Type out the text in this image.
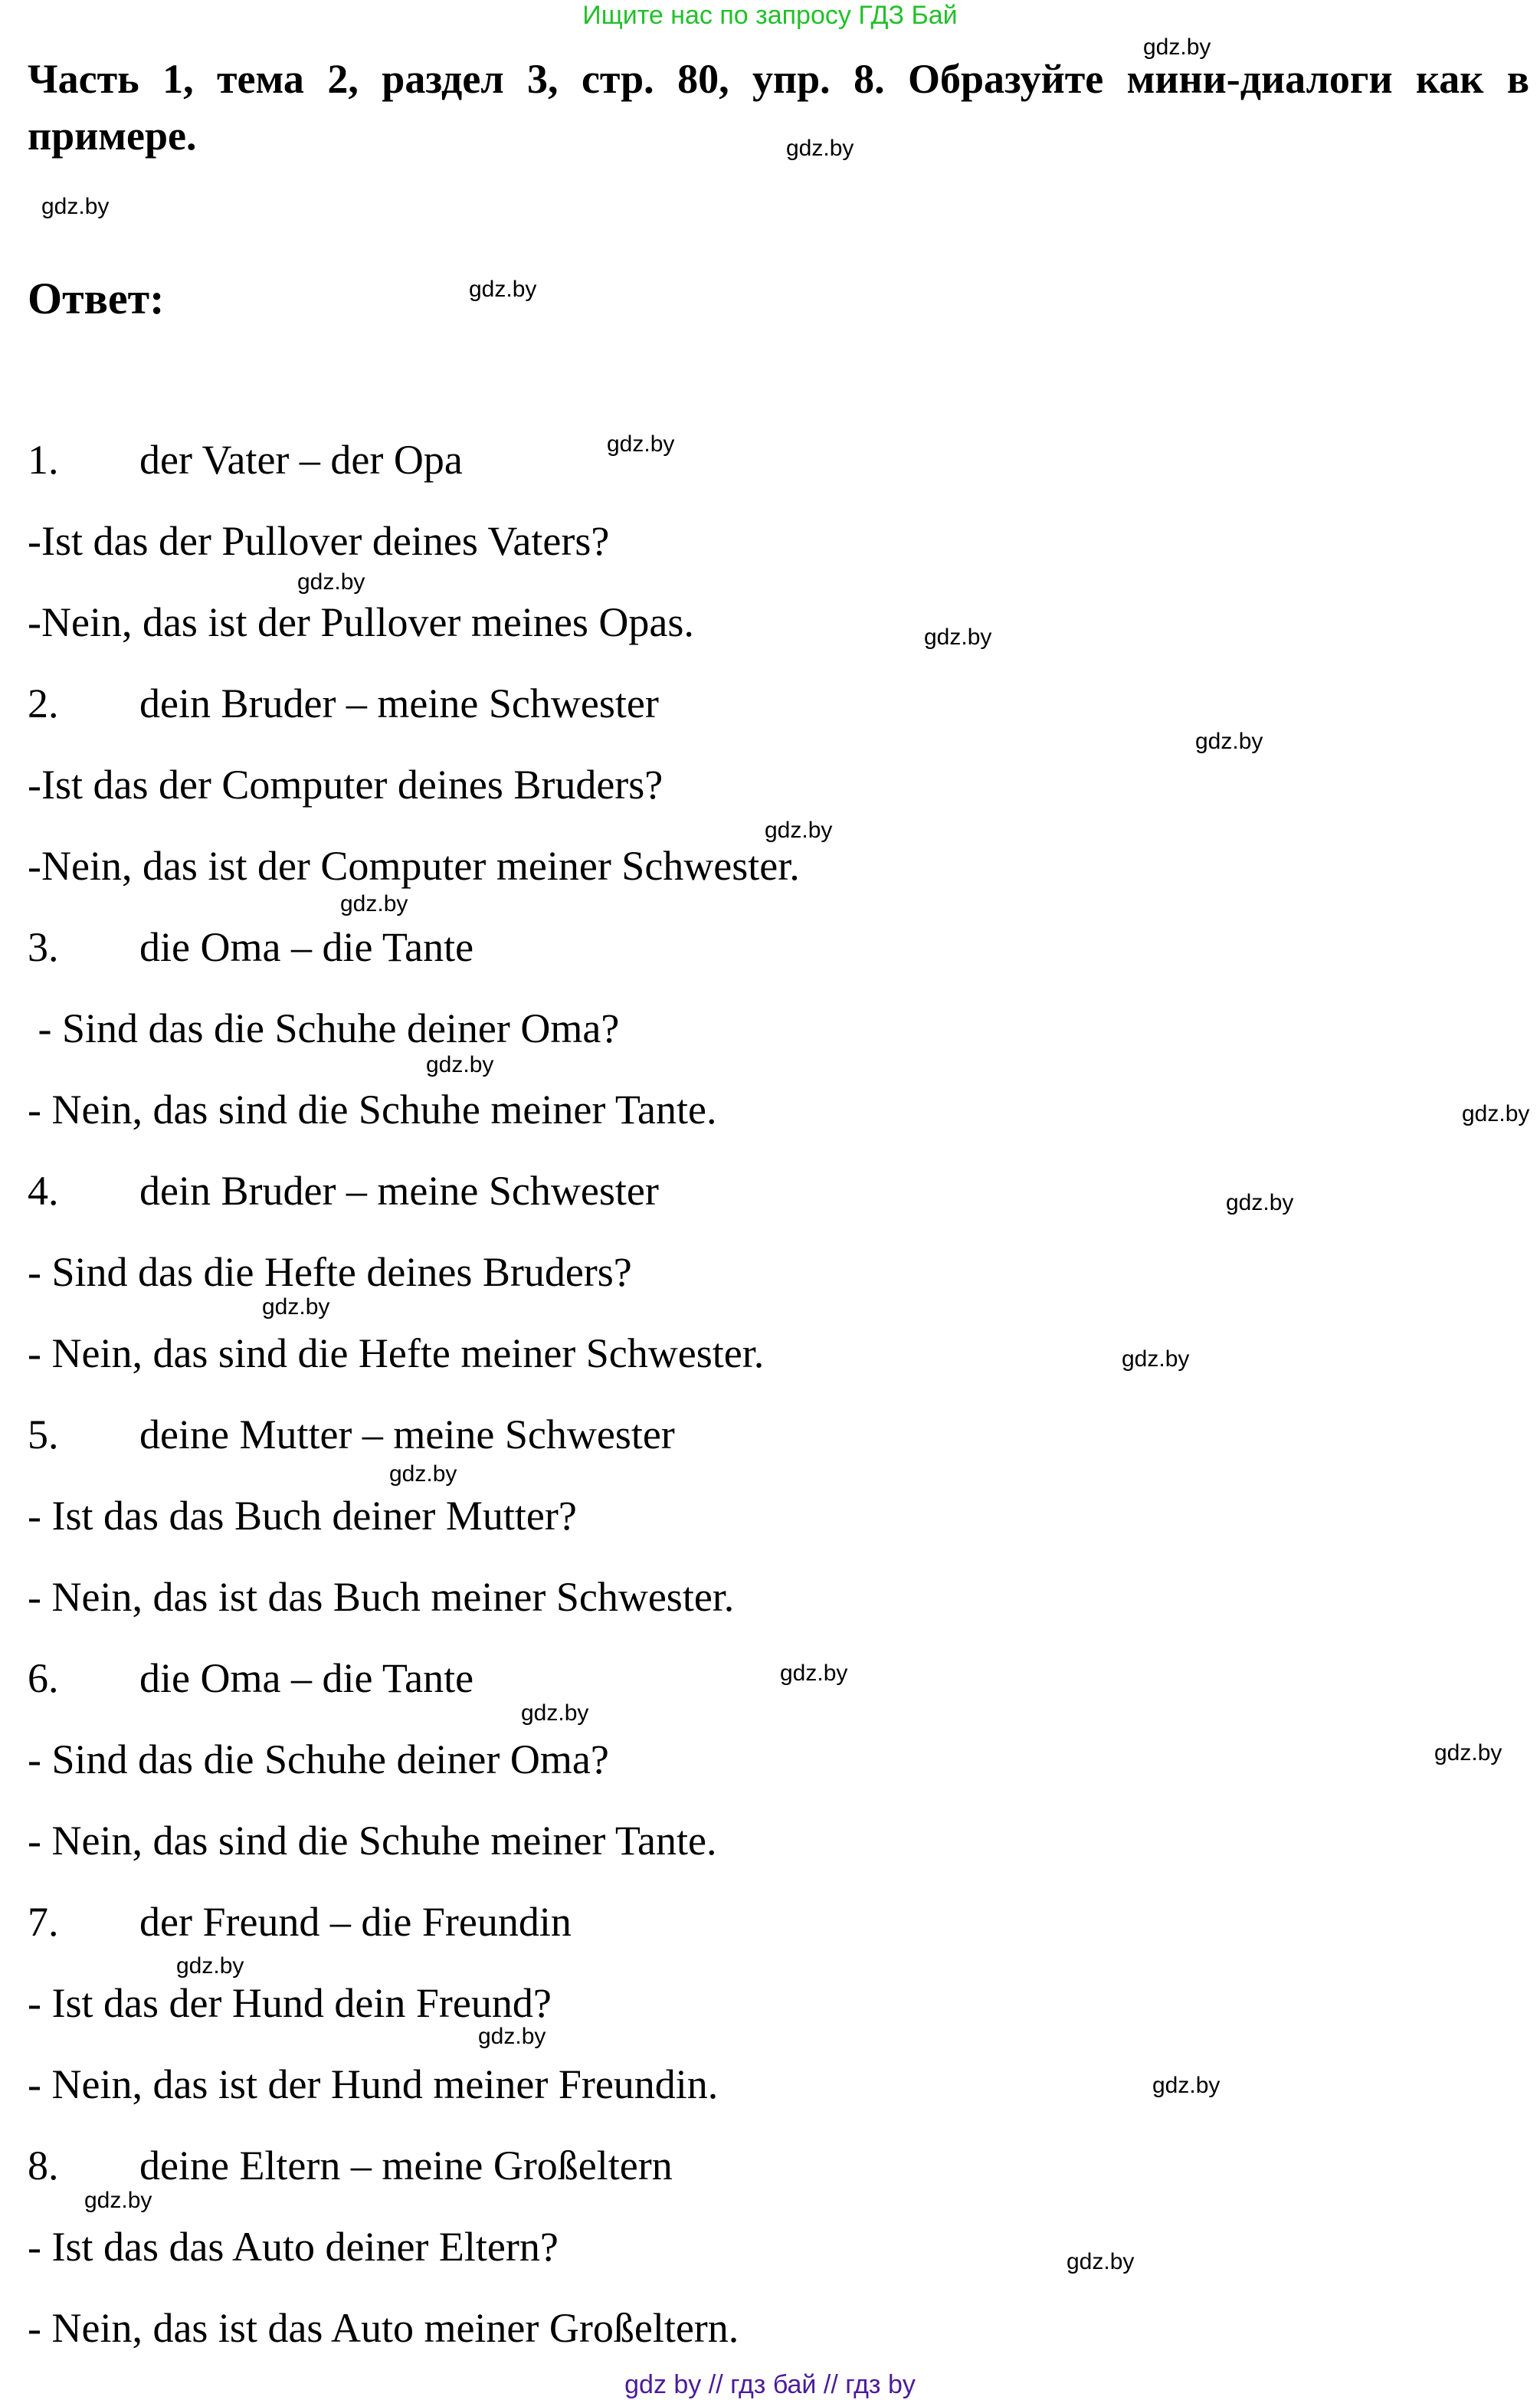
Ищите нас по запросу ГДЗ Бай
Часть 1, тема 2, раздел 3, стр. 80, упр. 8. Образуйте мини-диалоги как в примере.
Ответ:
1. der Vater – der Opa
-Ist das der Pullover deines Vaters?
-Nein, das ist der Pullover meines Opas.
2. dein Bruder – meine Schwester
-Ist das der Computer deines Bruders?
-Nein, das ist der Computer meiner Schwester.
3. die Oma – die Tante
- Sind das die Schuhe deiner Oma?
- Nein, das sind die Schuhe meiner Tante.
4. dein Bruder – meine Schwester
- Sind das die Hefte deines Bruders?
- Nein, das sind die Hefte meiner Schwester.
5. deine Mutter – meine Schwester
- Ist das das Buch deiner Mutter?
- Nein, das ist das Buch meiner Schwester.
6. die Oma – die Tante
- Sind das die Schuhe deiner Oma?
- Nein, das sind die Schuhe meiner Tante.
7. der Freund – die Freundin
- Ist das der Hund dein Freund?
- Nein, das ist der Hund meiner Freundin.
8. deine Eltern – meine Großeltern
- Ist das das Auto deiner Eltern?
- Nein, das ist das Auto meiner Großeltern.
gdz.by
gdz.by
gdz.by
gdz.by
gdz.by
gdz.by
gdz.by
gdz.by
gdz.by
gdz.by
gdz.by
gdz.by
gdz.by
gdz.by
gdz.by
gdz.by
gdz.by
gdz.by
gdz.by
gdz.by
gdz.by
gdz.by
gdz.by
gdz.by
gdz by // гдз бай // гдз by
